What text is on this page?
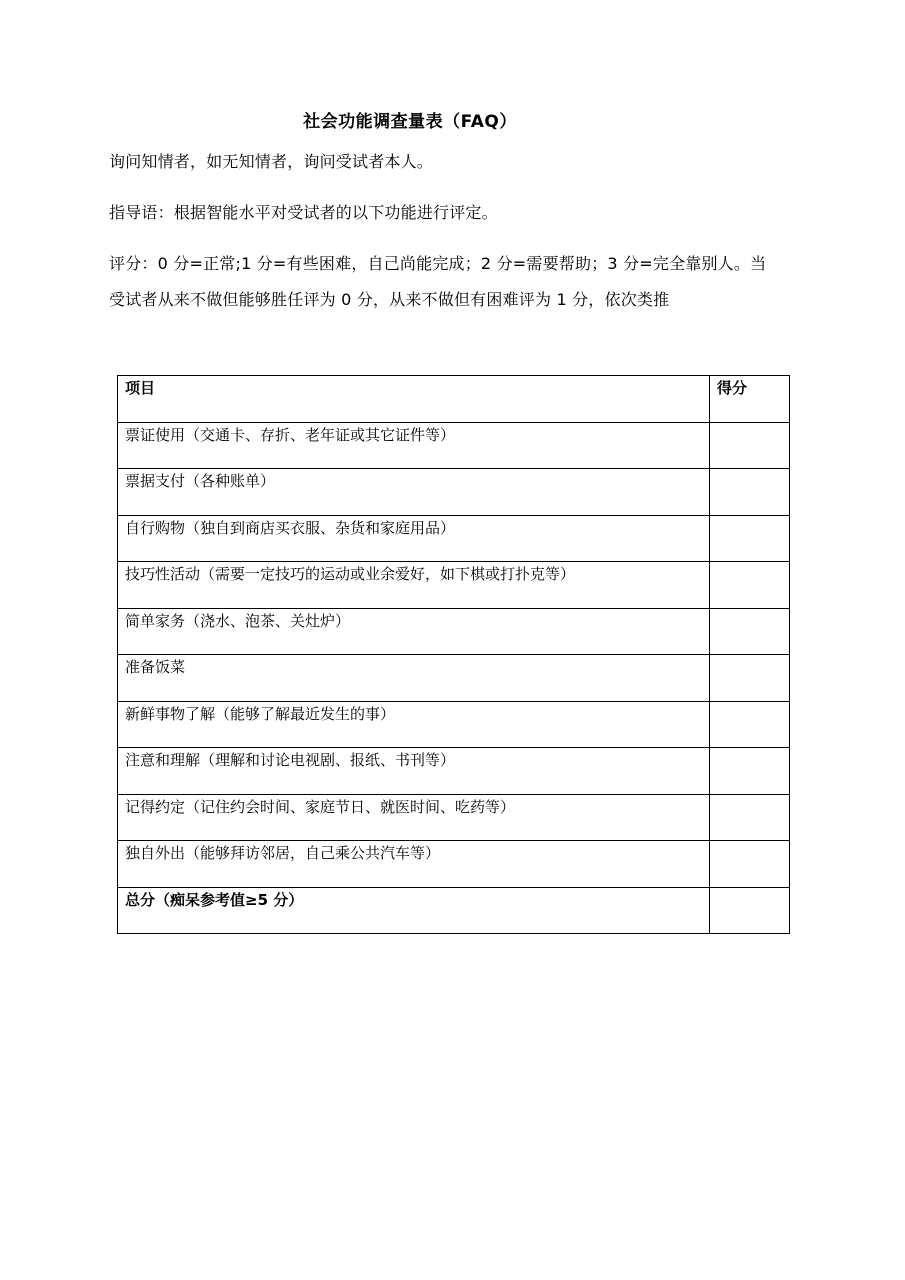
社会功能调查量表（FAQ）
询问知情者，如无知情者，询问受试者本人。
指导语：根据智能水平对受试者的以下功能进行评定。
评分：0 分=正常;1 分=有些困难，自己尚能完成；2 分=需要帮助；3 分=完全靠别人。当受试者从来不做但能够胜任评为 0 分，从来不做但有困难评为 1 分，依次类推
项目	得分

票证使用（交通卡、存折、老年证或其它证件等）	

票据支付（各种账单）	

自行购物（独自到商店买衣服、杂货和家庭用品）	

技巧性活动（需要一定技巧的运动或业余爱好，如下棋或打扑克等）	

简单家务（浇水、泡茶、关灶炉）	

准备饭菜	

新鲜事物了解（能够了解最近发生的事）	

注意和理解（理解和讨论电视剧、报纸、书刊等）	

记得约定（记住约会时间、家庭节日、就医时间、吃药等）	

独自外出（能够拜访邻居，自己乘公共汽车等）	

总分（痴呆参考值≥5 分）	
